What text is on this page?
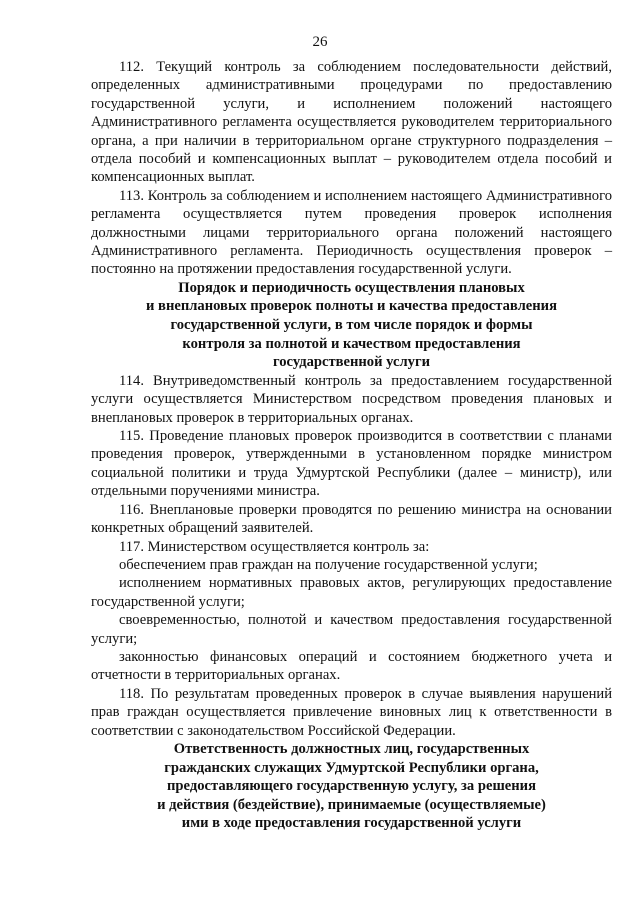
26

112. Текущий контроль за соблюдением последовательности действий, определенных административными процедурами по предоставлению государственной услуги, и исполнением положений настоящего Административного регламента осуществляется руководителем территориального органа, а при наличии в территориальном органе структурного подразделения – отдела пособий и компенсационных выплат – руководителем отдела пособий и компенсационных выплат.

113. Контроль за соблюдением и исполнением настоящего Административного регламента осуществляется путем проведения проверок исполнения должностными лицами территориального органа положений настоящего Административного регламента. Периодичность осуществления проверок – постоянно на протяжении предоставления государственной услуги.

Порядок и периодичность осуществления плановых
и внеплановых проверок полноты и качества предоставления
государственной услуги, в том числе порядок и формы
контроля за полнотой и качеством предоставления
государственной услуги

114. Внутриведомственный контроль за предоставлением государственной услуги осуществляется Министерством посредством проведения плановых и внеплановых проверок в территориальных органах.

115. Проведение плановых проверок производится в соответствии с планами проведения проверок, утвержденными в установленном порядке министром социальной политики и труда Удмуртской Республики (далее – министр), или отдельными поручениями министра.

116. Внеплановые проверки проводятся по решению министра на основании конкретных обращений заявителей.

117. Министерством осуществляется контроль за:

обеспечением прав граждан на получение государственной услуги;

исполнением нормативных правовых актов, регулирующих предоставление государственной услуги;

своевременностью, полнотой и качеством предоставления государственной услуги;

законностью финансовых операций и состоянием бюджетного учета и отчетности в территориальных органах.

118. По результатам проведенных проверок в случае выявления нарушений прав граждан осуществляется привлечение виновных лиц к ответственности в соответствии с законодательством Российской Федерации.

Ответственность должностных лиц, государственных
гражданских служащих Удмуртской Республики органа,
предоставляющего государственную услугу, за решения
и действия (бездействие), принимаемые (осуществляемые)
ими в ходе предоставления государственной услуги
